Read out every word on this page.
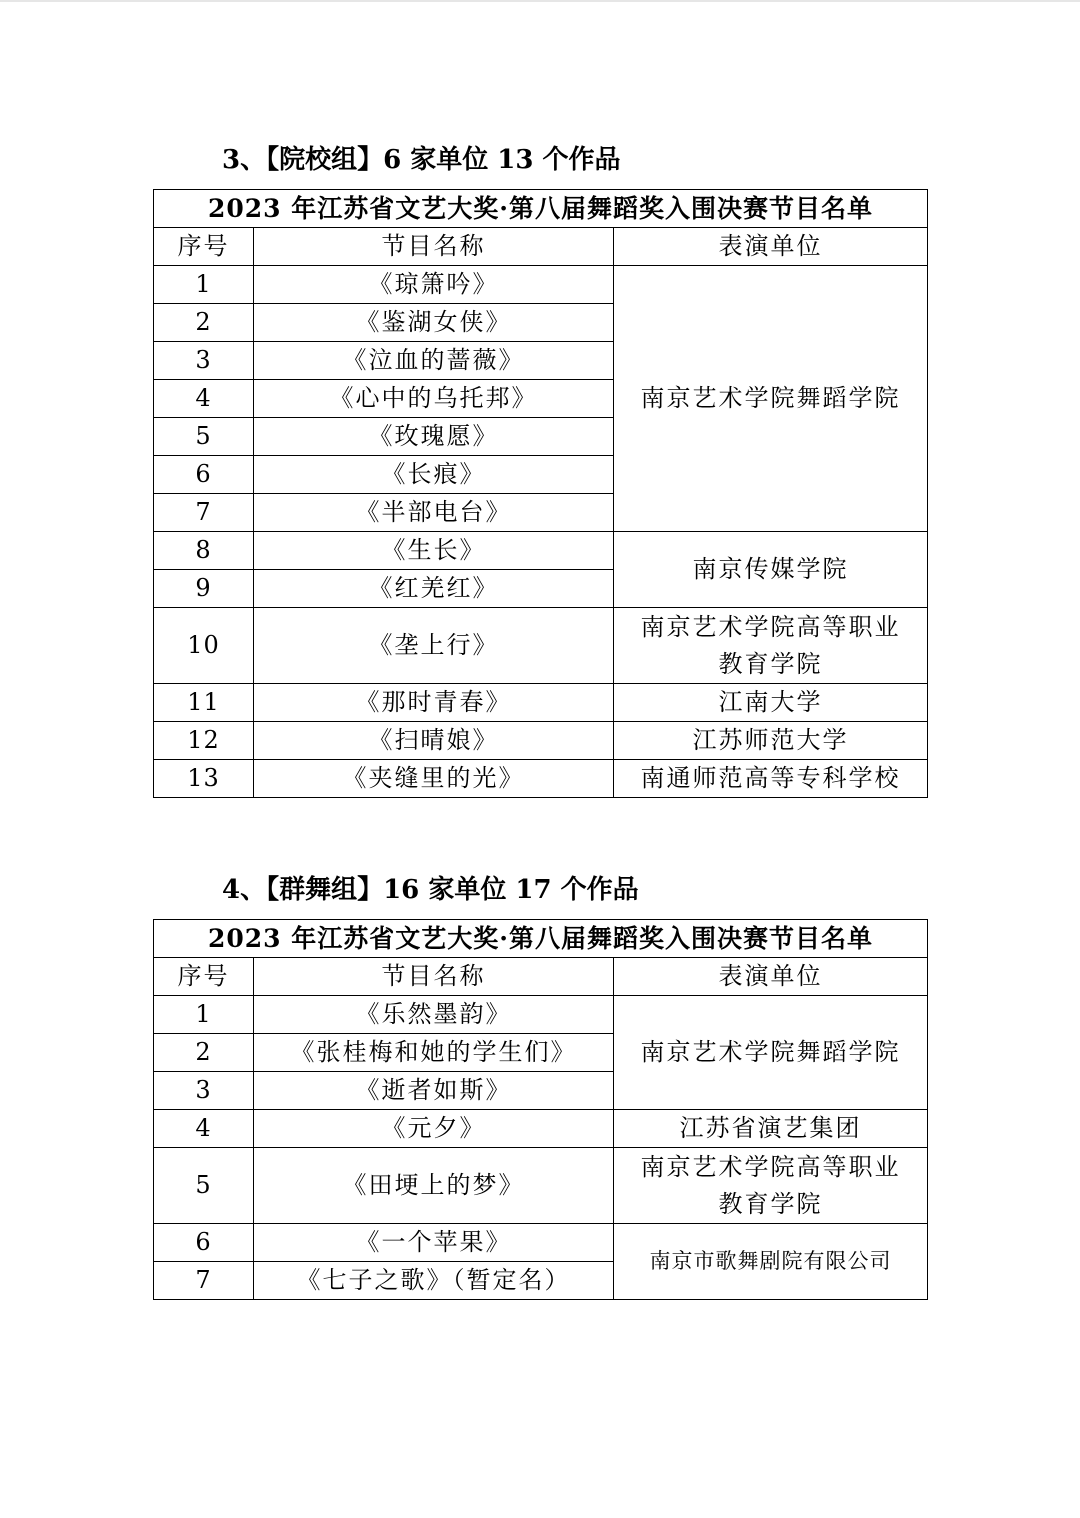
3、【院校组】6 家单位 13 个作品
2023 年江苏省文艺大奖·第八届舞蹈奖入围决赛节目名单		
序号	节目名称	表演单位
1	《琼箫吟》	南京艺术学院舞蹈学院
2	《鉴湖女侠》	
3	《泣血的蔷薇》	
4	《心中的乌托邦》	
5	《玫瑰愿》	
6	《长痕》	
7	《半部电台》	
8	《生长》	南京传媒学院
9	《红羌红》	
10	《垄上行》	南京艺术学院高等职业
教育学院

11	《那时青春》	江南大学
12	《扫晴娘》	江苏师范大学
13	《夹缝里的光》	南通师范高等专科学校
4、【群舞组】16 家单位 17 个作品
2023 年江苏省文艺大奖·第八届舞蹈奖入围决赛节目名单		
序号	节目名称	表演单位
1	《乐然墨韵》	南京艺术学院舞蹈学院
2	《张桂梅和她的学生们》	
3	《逝者如斯》	
4	《元夕》	江苏省演艺集团
5	《田埂上的梦》	南京艺术学院高等职业
教育学院

6	《一个苹果》	南京市歌舞剧院有限公司
7	《七子之歌》（暂定名）	
